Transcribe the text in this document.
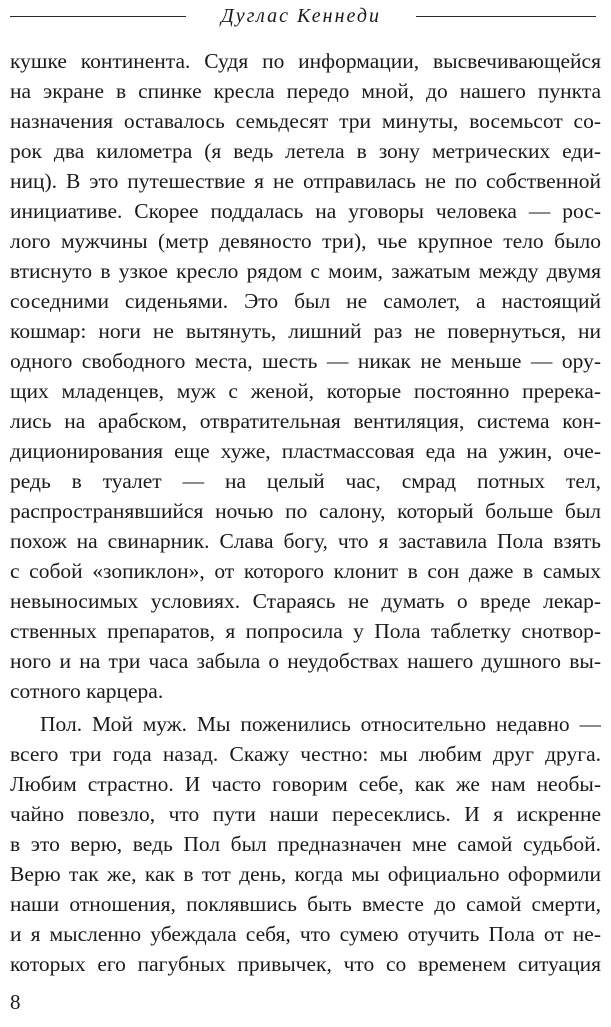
Дуглас Кеннеди
кушке континента. Судя по информации, высвечивающейся
на экране в спинке кресла передо мной, до нашего пункта
назначения оставалось семьдесят три минуты, восемьсот со-
рок два километра (я ведь летела в зону метрических еди-
ниц). В это путешествие я не отправилась не по собственной
инициативе. Скорее поддалась на уговоры человека — рос-
лого мужчины (метр девяносто три), чье крупное тело было
втиснуто в узкое кресло рядом с моим, зажатым между двумя
соседними сиденьями. Это был не самолет, а настоящий
кошмар: ноги не вытянуть, лишний раз не повернуться, ни
одного свободного места, шесть — никак не меньше — ору-
щих младенцев, муж с женой, которые постоянно пререка-
лись на арабском, отвратительная вентиляция, система кон-
диционирования еще хуже, пластмассовая еда на ужин, оче-
редь в туалет — на целый час, смрад потных тел,
распространявшийся ночью по салону, который больше был
похож на свинарник. Слава богу, что я заставила Пола взять
с собой «зопиклон», от которого клонит в сон даже в самых
невыносимых условиях. Стараясь не думать о вреде лекар-
ственных препаратов, я попросила у Пола таблетку снотвор-
ного и на три часа забыла о неудобствах нашего душного вы-
сотного карцера.
Пол. Мой муж. Мы поженились относительно недавно —
всего три года назад. Скажу честно: мы любим друг друга.
Любим страстно. И часто говорим себе, как же нам необы-
чайно повезло, что пути наши пересеклись. И я искренне
в это верю, ведь Пол был предназначен мне самой судьбой.
Верю так же, как в тот день, когда мы официально оформили
наши отношения, поклявшись быть вместе до самой смерти,
и я мысленно убеждала себя, что сумею отучить Пола от не-
которых его пагубных привычек, что со временем ситуация
8
